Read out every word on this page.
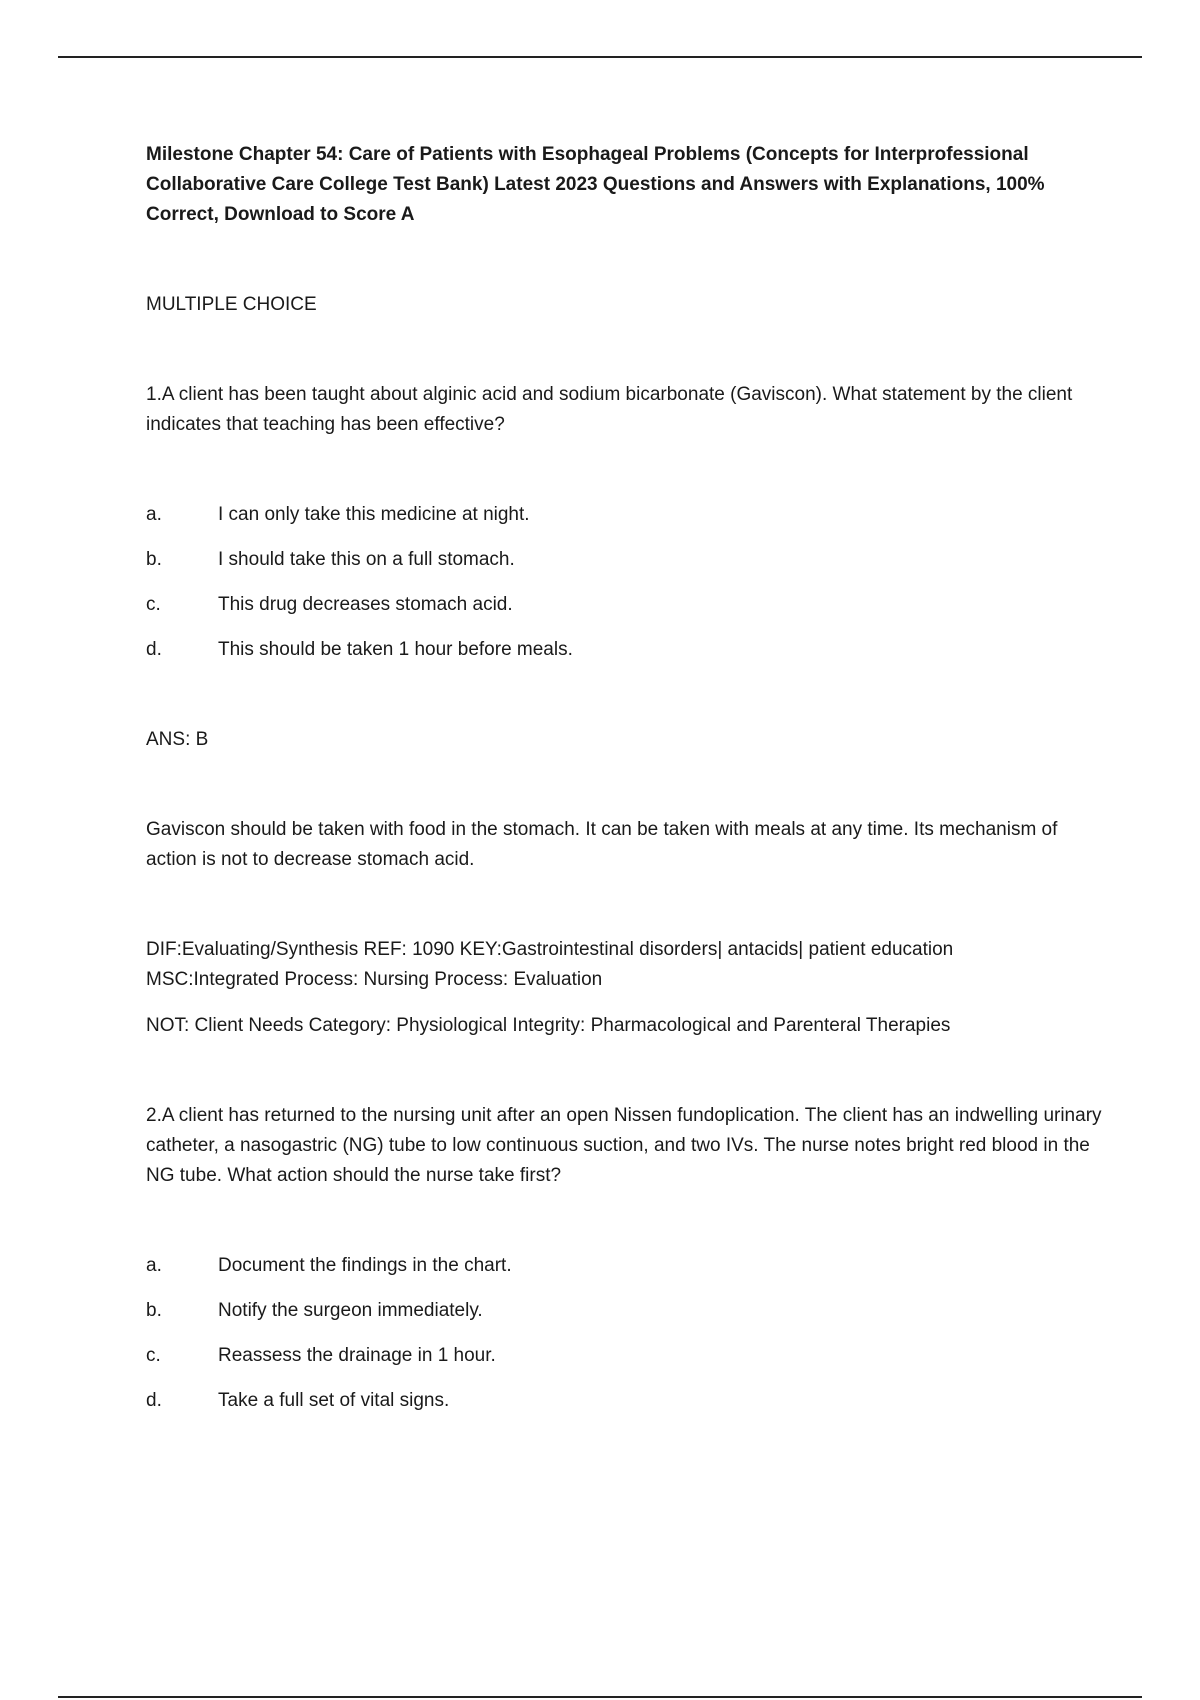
Milestone Chapter 54: Care of Patients with Esophageal Problems (Concepts for Interprofessional Collaborative Care College Test Bank) Latest 2023 Questions and Answers with Explanations, 100% Correct, Download to Score A

MULTIPLE CHOICE

1.A client has been taught about alginic acid and sodium bicarbonate (Gaviscon). What statement by the client indicates that teaching has been effective?

a.	I can only take this medicine at night.
b.	I should take this on a full stomach.
c.	This drug decreases stomach acid.
d.	This should be taken 1 hour before meals.

ANS: B

Gaviscon should be taken with food in the stomach. It can be taken with meals at any time. Its mechanism of action is not to decrease stomach acid.

DIF:Evaluating/Synthesis REF: 1090 KEY:Gastrointestinal disorders| antacids| patient education

MSC:Integrated Process: Nursing Process: Evaluation

NOT: Client Needs Category: Physiological Integrity: Pharmacological and Parenteral Therapies

2.A client has returned to the nursing unit after an open Nissen fundoplication. The client has an indwelling urinary catheter, a nasogastric (NG) tube to low continuous suction, and two IVs. The nurse notes bright red blood in the NG tube. What action should the nurse take first?

a.	Document the findings in the chart.
b.	Notify the surgeon immediately.
c.	Reassess the drainage in 1 hour.
d.	Take a full set of vital signs.
